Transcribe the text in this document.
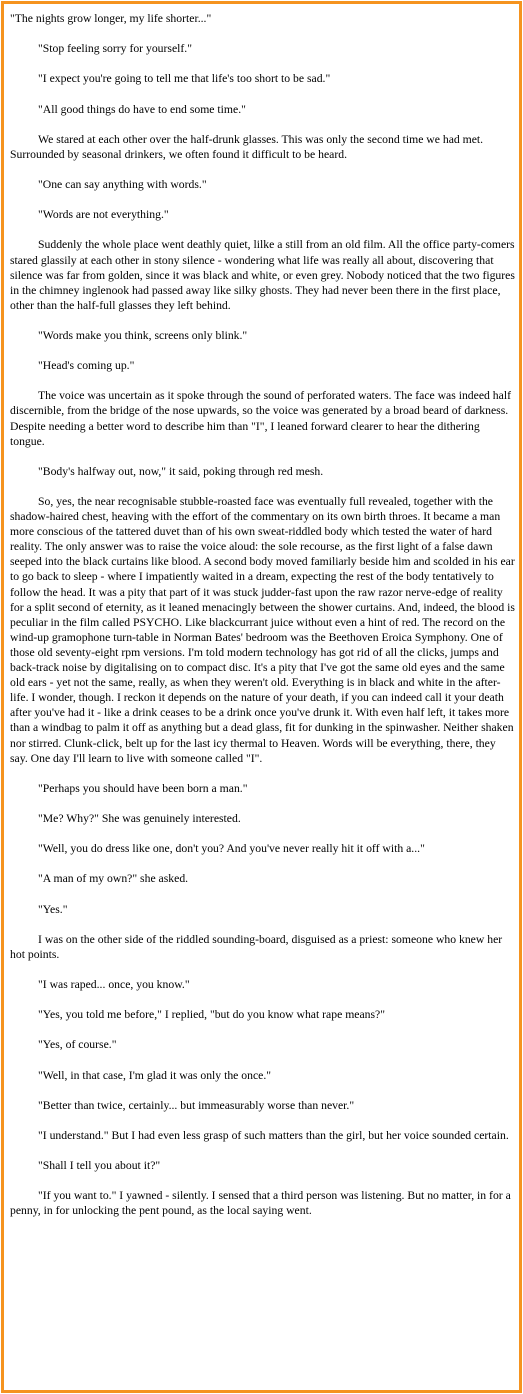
"The nights grow longer, my life shorter..."

"Stop feeling sorry for yourself."

"I expect you're going to tell me that life's too short to be sad."

"All good things do have to end some time."

We stared at each other over the half-drunk glasses. This was only the second time we had met. Surrounded by seasonal drinkers, we often found it difficult to be heard.

"One can say anything with words."

"Words are not everything."

Suddenly the whole place went deathly quiet, lilke a still from an old film. All the office party-comers stared glassily at each other in stony silence - wondering what life was really all about, discovering that silence was far from golden, since it was black and white, or even grey. Nobody noticed that the two figures in the chimney inglenook had passed away like silky ghosts. They had never been there in the first place, other than the half-full glasses they left behind.

"Words make you think, screens only blink."

"Head's coming up."

The voice was uncertain as it spoke through the sound of perforated waters. The face was indeed half discernible, from the bridge of the nose upwards, so the voice was generated by a broad beard of darkness. Despite needing a better word to describe him than "I", I leaned forward clearer to hear the dithering tongue.

"Body's halfway out, now," it said, poking through red mesh.

So, yes, the near recognisable stubble-roasted face was eventually full revealed, together with the shadow-haired chest, heaving with the effort of the commentary on its own birth throes. It became a man more conscious of the tattered duvet than of his own sweat-riddled body which tested the water of hard reality. The only answer was to raise the voice aloud: the sole recourse, as the first light of a false dawn seeped into the black curtains like blood. A second body moved familiarly beside him and scolded in his ear to go back to sleep - where I impatiently waited in a dream, expecting the rest of the body tentatively to follow the head. It was a pity that part of it was stuck judder-fast upon the raw razor nerve-edge of reality for a split second of eternity, as it leaned menacingly between the shower curtains. And, indeed, the blood is peculiar in the film called PSYCHO. Like blackcurrant juice without even a hint of red. The record on the wind-up gramophone turn-table in Norman Bates' bedroom was the Beethoven Eroica Symphony. One of those old seventy-eight rpm versions. I'm told modern technology has got rid of all the clicks, jumps and back-track noise by digitalising on to compact disc. It's a pity that I've got the same old eyes and the same old ears - yet not the same, really, as when they weren't old. Everything is in black and white in the after-life. I wonder, though. I reckon it depends on the nature of your death, if you can indeed call it your death after you've had it - like a drink ceases to be a drink once you've drunk it. With even half left, it takes more than a windbag to palm it off as anything but a dead glass, fit for dunking in the spinwasher. Neither shaken nor stirred. Clunk-click, belt up for the last icy thermal to Heaven. Words will be everything, there, they say. One day I'll learn to live with someone called "I".

"Perhaps you should have been born a man."

"Me? Why?" She was genuinely interested.

"Well, you do dress like one, don't you? And you've never really hit it off with a..."

"A man of my own?" she asked.

"Yes."

I was on the other side of the riddled sounding-board, disguised as a priest: someone who knew her hot points.

"I was raped... once, you know."

"Yes, you told me before," I replied, "but do you know what rape means?"

"Yes, of course."

"Well, in that case, I'm glad it was only the once."

"Better than twice, certainly... but immeasurably worse than never."

"I understand." But I had even less grasp of such matters than the girl, but her voice sounded certain.

"Shall I tell you about it?"

"If you want to." I yawned - silently. I sensed that a third person was listening. But no matter, in for a penny, in for unlocking the pent pound, as the local saying went.
